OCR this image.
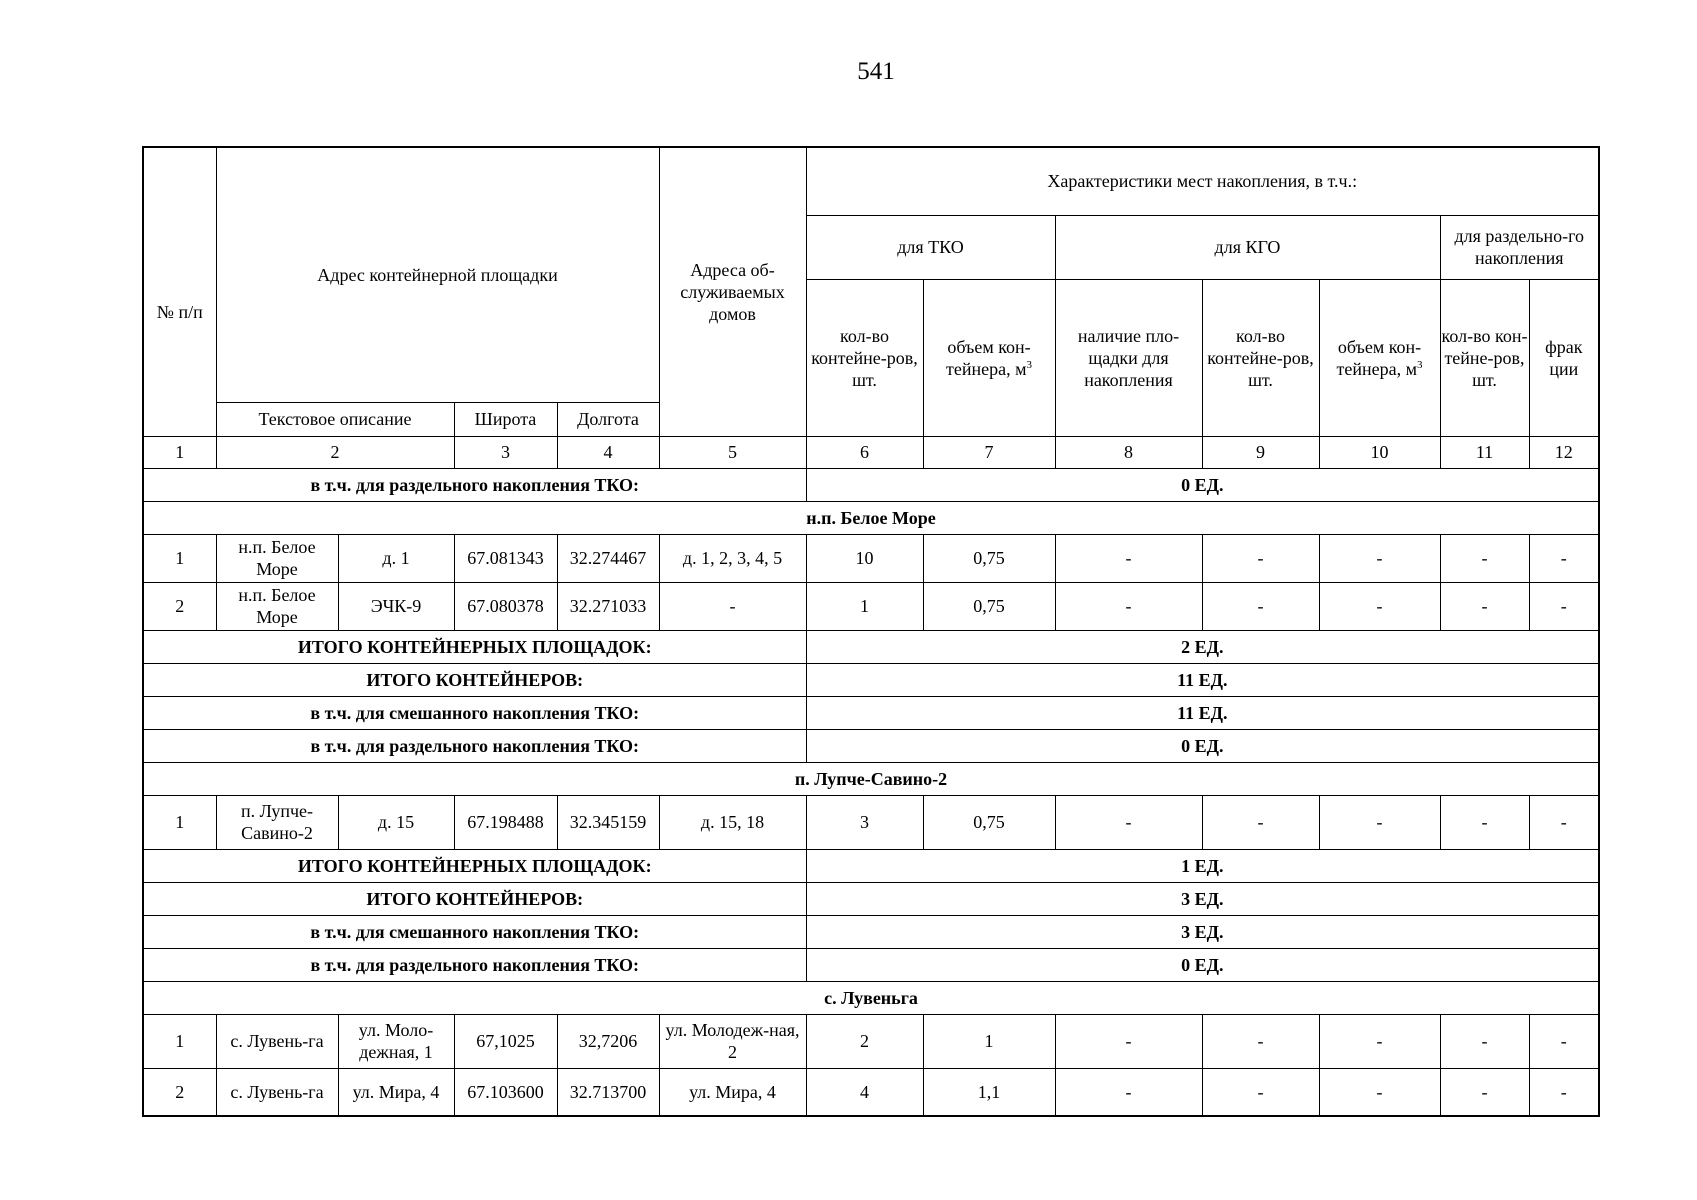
541
№ п/п	Адрес контейнерной площадки				Адреса об-служиваемых домов	Характеристики мест накопления, в т.ч.:						
						для ТКО		для КГО			для раздельно-го накопления	
						кол-во контейне-ров, шт.	объем кон-тейнера, $м^3$	наличие пло-щадки для накопления	кол-во контейне-ров, шт.	объем кон-тейнера, $м^3$	кол-во кон-тейне-ров, шт.	фрак ции
	Текстовое описание		Широта	Долгота								
1	2		3	4	5	6	7	8	9	10	11	12
в т.ч. для раздельного накопления ТКО:						0 ЕД.						
н.п. Белое Море												
1	н.п. Белое Море	д. 1	67.081343	32.274467	д. 1, 2, 3, 4, 5	10	0,75	-	-	-	-	-
2	н.п. Белое Море	ЭЧК-9	67.080378	32.271033	-	1	0,75	-	-	-	-	-
ИТОГО КОНТЕЙНЕРНЫХ ПЛОЩАДОК:						2 ЕД.						
ИТОГО КОНТЕЙНЕРОВ:						11 ЕД.						
в т.ч. для смешанного накопления ТКО:						11 ЕД.						
в т.ч. для раздельного накопления ТКО:						0 ЕД.						
п. Лупче-Савино-2												
1	п. Лупче-Савино-2	д. 15	67.198488	32.345159	д. 15, 18	3	0,75	-	-	-	-	-
ИТОГО КОНТЕЙНЕРНЫХ ПЛОЩАДОК:						1 ЕД.						
ИТОГО КОНТЕЙНЕРОВ:						3 ЕД.						
в т.ч. для смешанного накопления ТКО:						3 ЕД.						
в т.ч. для раздельного накопления ТКО:						0 ЕД.						
с. Лувеньга												
1	с. Лувень-га	ул. Моло-дежная, 1	67,1025	32,7206	ул. Молодеж-ная, 2	2	1	-	-	-	-	-
2	с. Лувень-га	ул. Мира, 4	67.103600	32.713700	ул. Мира, 4	4	1,1	-	-	-	-	-
